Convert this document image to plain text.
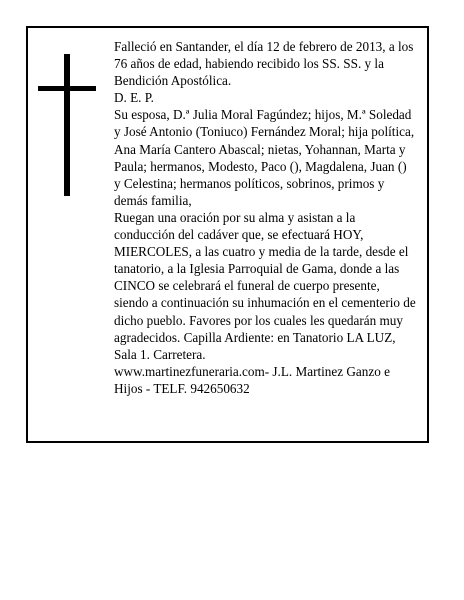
Falleció en Santander, el día 12 de febrero de 2013, a los 76 años de edad, habiendo recibido los SS. SS. y la Bendición Apostólica.

D. E. P.

Su esposa, D.ª Julia Moral Fagúndez; hijos, M.ª Soledad y José Antonio (Toniuco) Fernández Moral; hija política, Ana María Cantero Abascal; nietas, Yohannan, Marta y Paula; hermanos, Modesto, Paco (), Magdalena, Juan () y Celestina; hermanos políticos, sobrinos, primos y demás familia,

Ruegan una oración por su alma y asistan a la conducción del cadáver que, se efectuará HOY, MIERCOLES, a las cuatro y media de la tarde, desde el tanatorio, a la Iglesia Parroquial de Gama, donde a las CINCO se celebrará el funeral de cuerpo presente, siendo a continuación su inhumación en el cementerio de dicho pueblo. Favores por los cuales les quedarán muy agradecidos. Capilla Ardiente: en Tanatorio LA LUZ, Sala 1. Carretera.

www.martinezfuneraria.com- J.L. Martinez Ganzo e Hijos - TELF. 942650632
